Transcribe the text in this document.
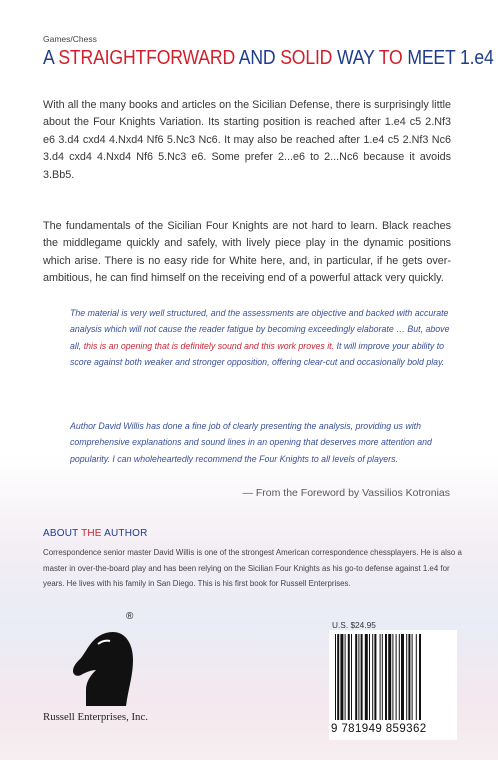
Games/Chess
A STRAIGHTFORWARD AND SOLID WAY TO MEET 1.e4

With all the many books and articles on the Sicilian Defense, there is surprisingly little about the Four Knights Variation. Its starting position is reached after 1.e4 c5 2.Nf3 e6 3.d4 cxd4 4.Nxd4 Nf6 5.Nc3 Nc6. It may also be reached after 1.e4 c5 2.Nf3 Nc6 3.d4 cxd4 4.Nxd4 Nf6 5.Nc3 e6. Some prefer 2...e6 to 2...Nc6 because it avoids 3.Bb5.

The fundamentals of the Sicilian Four Knights are not hard to learn. Black reaches the middlegame quickly and safely, with lively piece play in the dynamic positions which arise. There is no easy ride for White here, and, in particular, if he gets over-ambitious, he can find himself on the receiving end of a powerful attack very quickly.

The material is very well structured, and the assessments are objective and backed with accurate analysis which will not cause the reader fatigue by becoming exceedingly elaborate … But, above all, this is an opening that is definitely sound and this work proves it. It will improve your ability to score against both weaker and stronger opposition, offering clear-cut and occasionally bold play.

Author David Willis has done a fine job of clearly presenting the analysis, providing us with comprehensive explanations and sound lines in an opening that deserves more attention and popularity. I can wholeheartedly recommend the Four Knights to all levels of players.

— From the Foreword by Vassilios Kotronias
ABOUT THE AUTHOR

Correspondence senior master David Willis is one of the strongest American correspondence chessplayers. He is also a master in over-the-board play and has been relying on the Sicilian Four Knights as his go-to defense against 1.e4 for years. He lives with his family in San Diego. This is his first book for Russell Enterprises.

®
Russell Enterprises, Inc.
U.S. $24.95
9 781949 859362
